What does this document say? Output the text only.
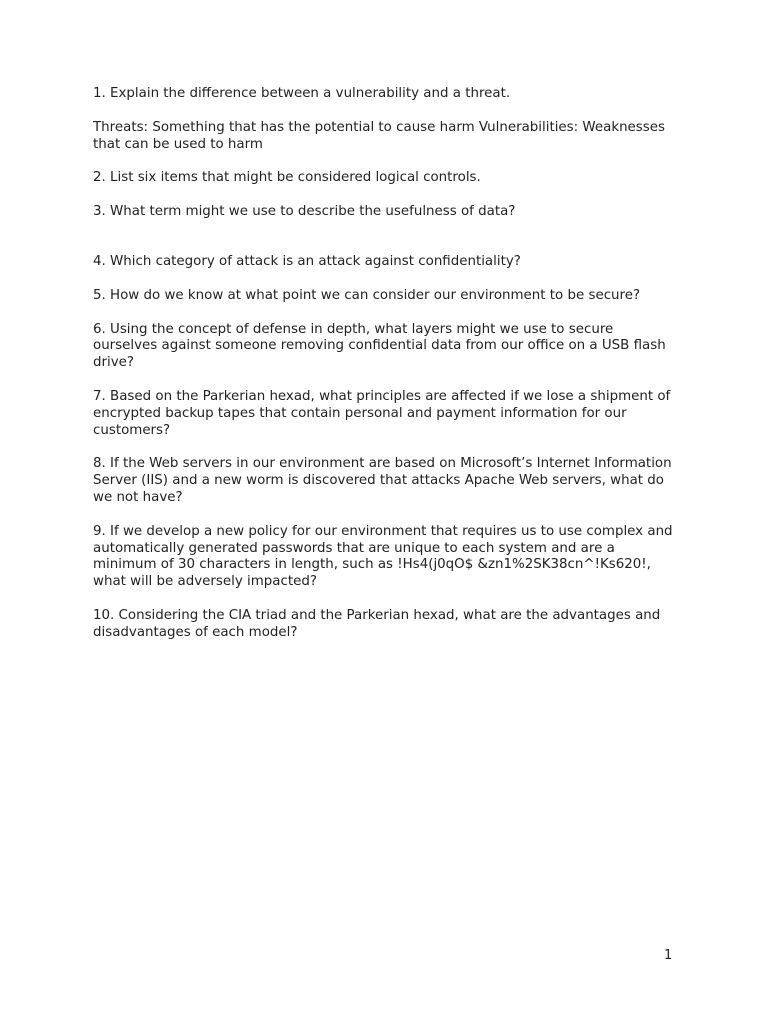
1. Explain the difference between a vulnerability and a threat.

Threats: Something that has the potential to cause harm Vulnerabilities: Weaknesses that can be used to harm

2. List six items that might be considered logical controls.

3. What term might we use to describe the usefulness of data?

4. Which category of attack is an attack against confidentiality?

5. How do we know at what point we can consider our environment to be secure?

6. Using the concept of defense in depth, what layers might we use to secure ourselves against someone removing confidential data from our office on a USB flash drive?

7. Based on the Parkerian hexad, what principles are affected if we lose a shipment of encrypted backup tapes that contain personal and payment information for our customers?

8. If the Web servers in our environment are based on Microsoft’s Internet Information Server (IIS) and a new worm is discovered that attacks Apache Web servers, what do we not have?

9. If we develop a new policy for our environment that requires us to use complex and automatically generated passwords that are unique to each system and are a minimum of 30 characters in length, such as !Hs4(j0qO$ &zn1%2SK38cn^!Ks620!, what will be adversely impacted?

10. Considering the CIA triad and the Parkerian hexad, what are the advantages and disadvantages of each model?

1
